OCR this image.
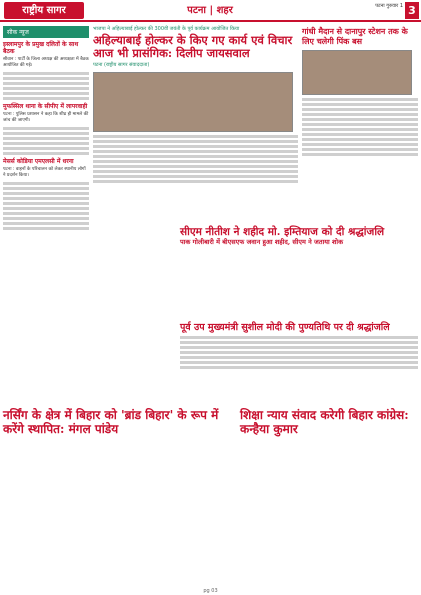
राष्ट्रीय सागर	पटना | शहर	पटना गुरुवार 1 3
सीक न्यूज
इस्लामपुर के प्रमुख दलितों के साथ बैठक
सीवान : पार्टी के जिला अध्यक्ष की अध्यक्षता में बैठक आयोजित की गई।
मुफस्सिल थाना के सीपीए में लापरवाही
पटना : पुलिस प्रशासन ने कहा कि शीघ्र ही मामले की जांच की जाएगी।
मेसर्स कोडिया एमएलसी में धरना
पटना : वाहनों के परिचालन को लेकर स्थानीय लोगों ने प्रदर्शन किया।
भाजपा ने अहिल्याबाई होल्कर की 300वीं जयंती के पूर्व कार्यक्रम आयोजित किया
अहिल्याबाई होल्कर के किए गए कार्य एवं विचार आज भी प्रासंगिक: दिलीप जायसवाल
पटना (राष्ट्रीय सागर संवाददाता)
गांधी मैदान से दानापुर स्टेशन तक के लिए चलेगी पिंक बस
सीएम नीतीश ने शहीद मो. इम्तियाज को दी श्रद्धांजलि
पाक गोलीबारी में बीएसएफ जवान हुआ शहीद, सीएम ने जताया शोक
पूर्व उप मुख्यमंत्री सुशील मोदी की पुण्यतिथि पर दी श्रद्धांजलि
नर्सिंग के क्षेत्र में बिहार को 'ब्रांड बिहार' के रूप में करेंगे स्थापित: मंगल पांडेय
शिक्षा न्याय संवाद करेगी बिहार कांग्रेस: कन्हैया कुमार
pg 03
